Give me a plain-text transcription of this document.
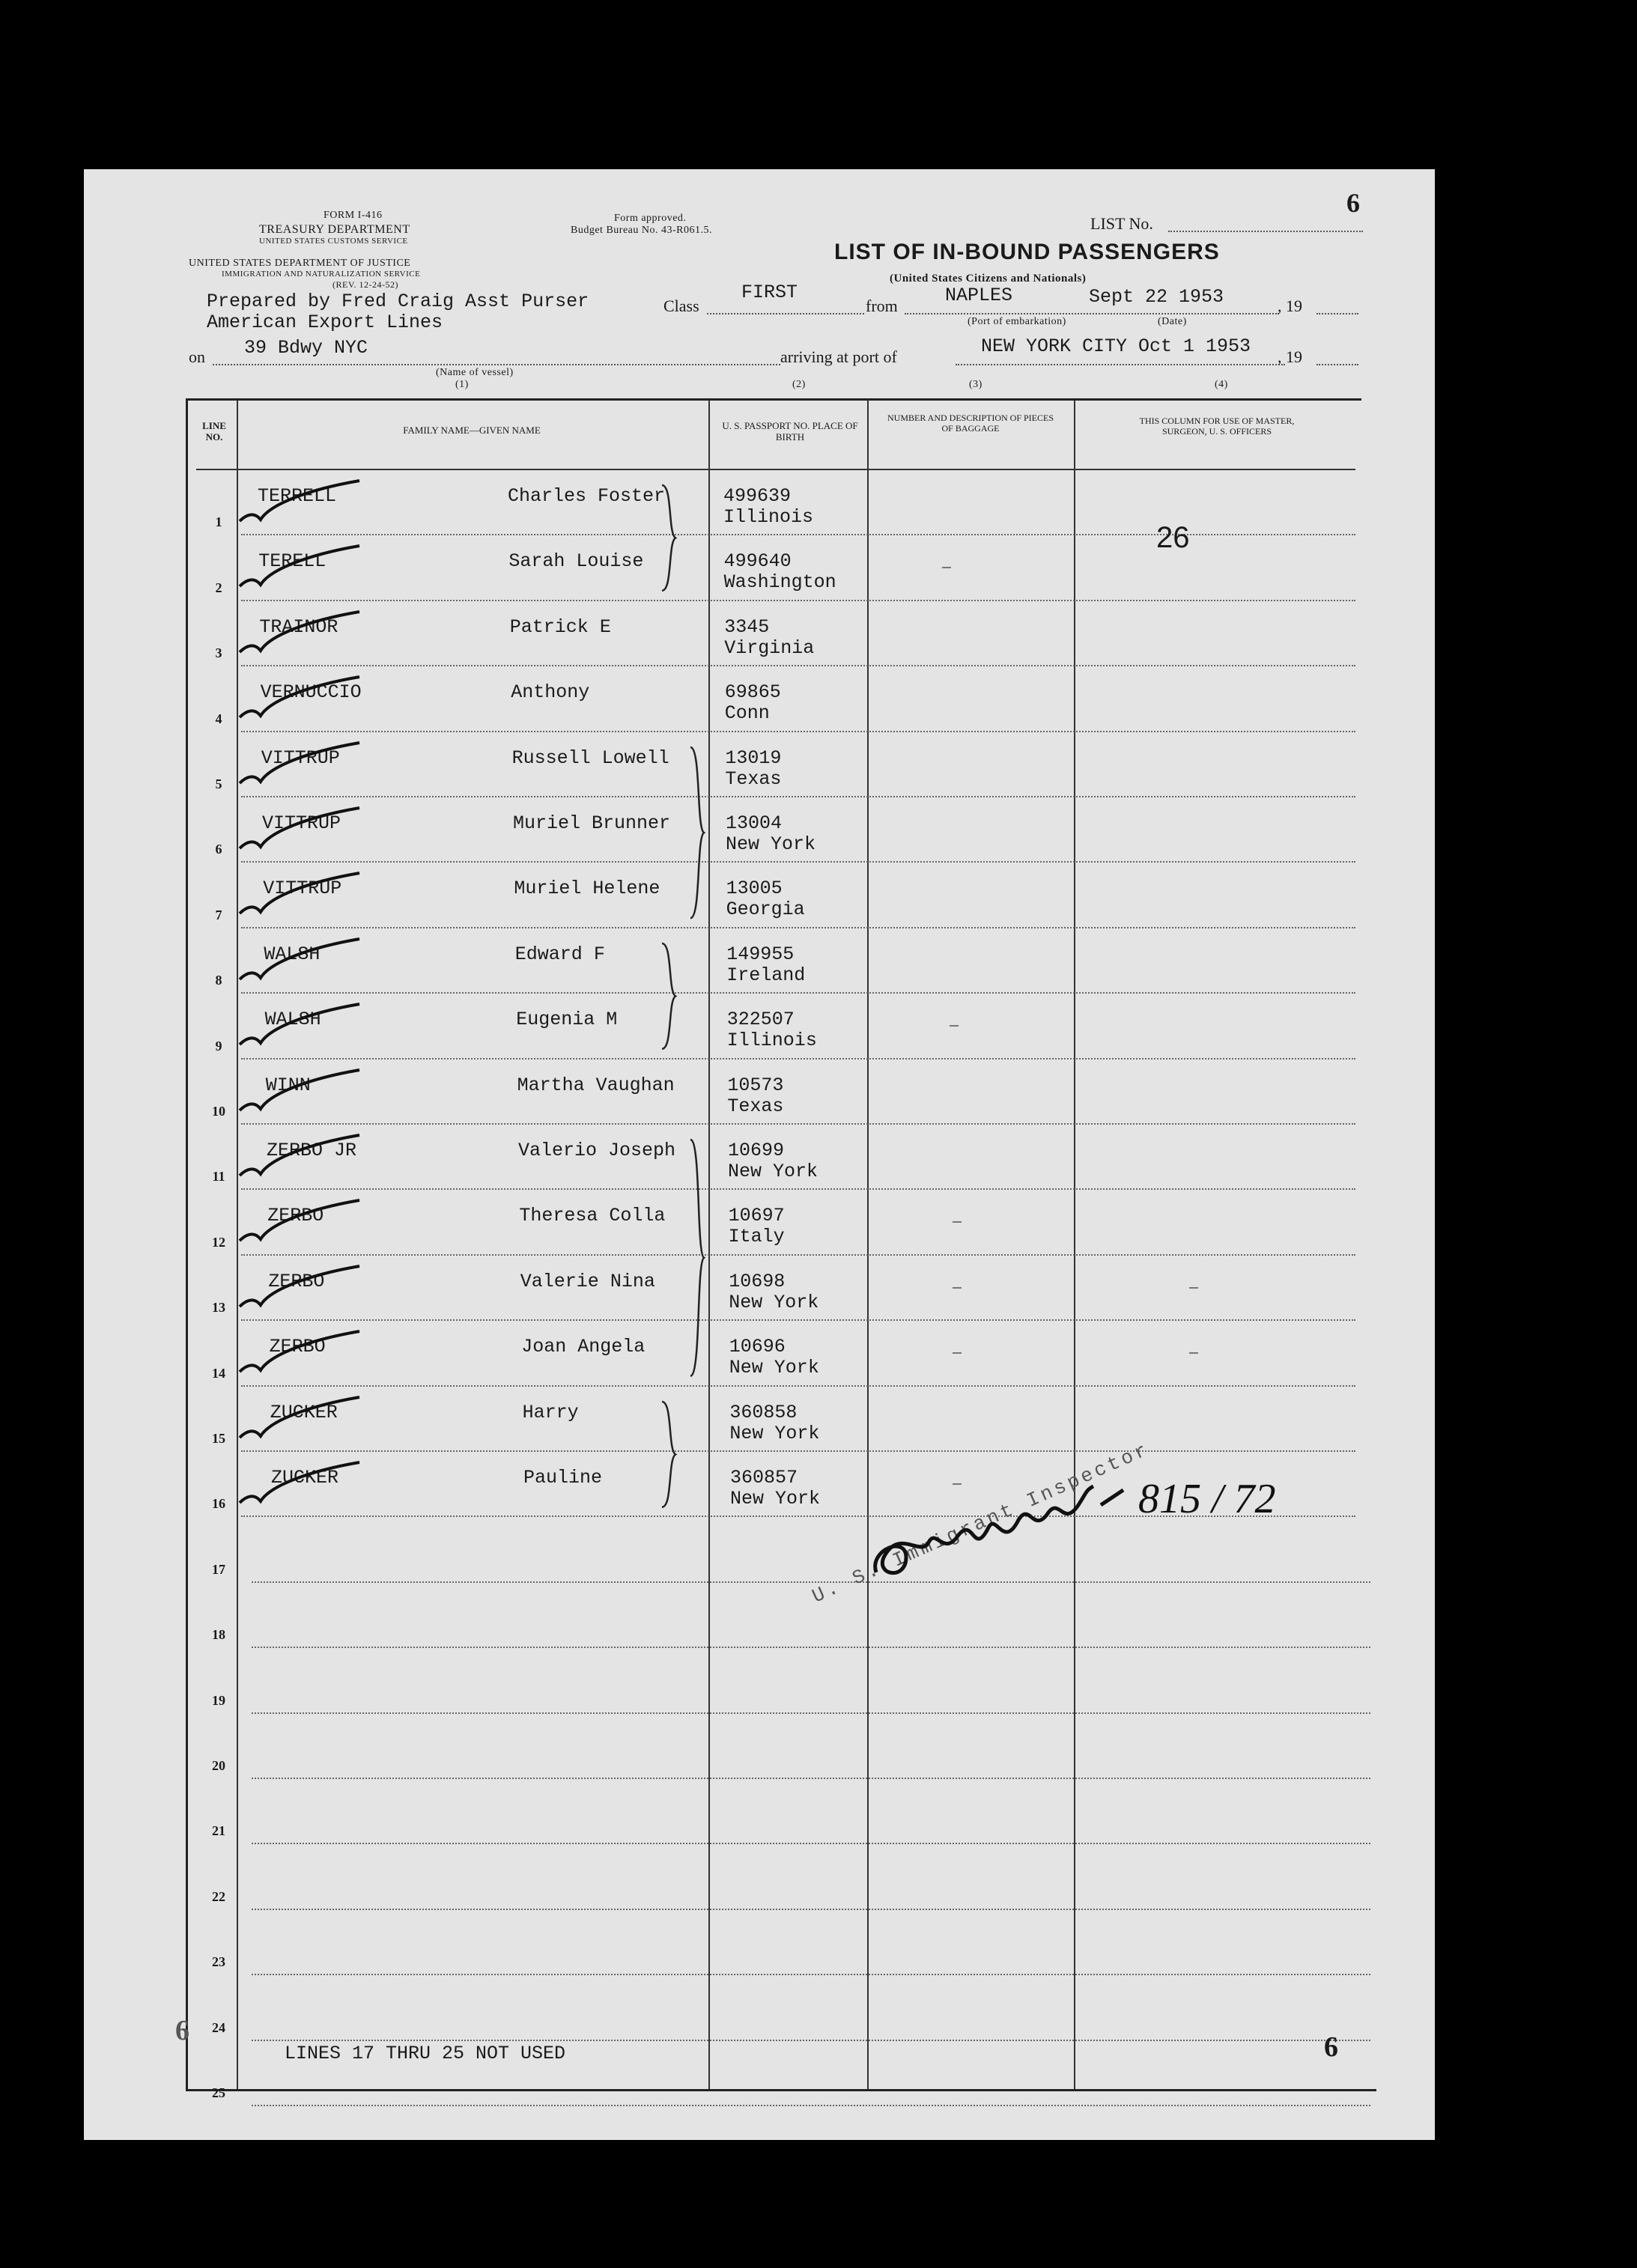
6
FORM I-416
TREASURY DEPARTMENT
UNITED STATES CUSTOMS SERVICE
UNITED STATES DEPARTMENT OF JUSTICE
IMMIGRATION AND NATURALIZATION SERVICE
(REV. 12-24-52)
Form approved.
Budget Bureau No. 43-R061.5.	LIST No.
LIST OF IN-BOUND PASSENGERS
(United States Citizens and Nationals)
Prepared by Fred Craig Asst Purser
American Export Lines
Class
FIRST
from	NAPLES	Sept 22 1953	, 19
(Port of embarkation)	(Date)
39 Bdwy NYC
on
(Name of vessel)
(1)
arriving at port of	NEW YORK CITY Oct 1 1953 , 19
(2)	(3)	(4)
LINE NO.
FAMILY NAME—GIVEN NAME	U. S. PASSPORT NO. PLACE OF BIRTH
NUMBER AND DESCRIPTION OF PIECES OF BAGGAGE
THIS COLUMN FOR USE OF MASTER, SURGEON, U. S. OFFICERS
1
TERRELL	Charles Foster	499639
Illinois
2
TERELL	Sarah Louise	499640
Washington
3
TRAINOR	Patrick E	3345
Virginia
4
VERNUCCIO	Anthony	69865
Conn
5
VITTRUP	Russell Lowell	13019
Texas
6
VITTRUP	Muriel Brunner	13004
New York
7
VITTRUP	Muriel Helene	13005
Georgia
8
WALSH	Edward F	149955
Ireland
9
WALSH	Eugenia M	322507
Illinois
10
WINN	Martha Vaughan	10573
Texas
11
ZERBO JR	Valerio Joseph	10699
New York
12
ZERBO	Theresa Colla	10697
Italy
13
ZERBO	Valerie Nina	10698
New York
14
ZERBO	Joan Angela	10696
New York
15
ZUCKER	Harry	360858
New York
16
ZUCKER	Pauline	360857
New York
17
18
19
20
21
22
23
24
25
26
LINES 17 THRU 25 NOT USED	6
6
U. S. Immigrant Inspector
815 / 72
